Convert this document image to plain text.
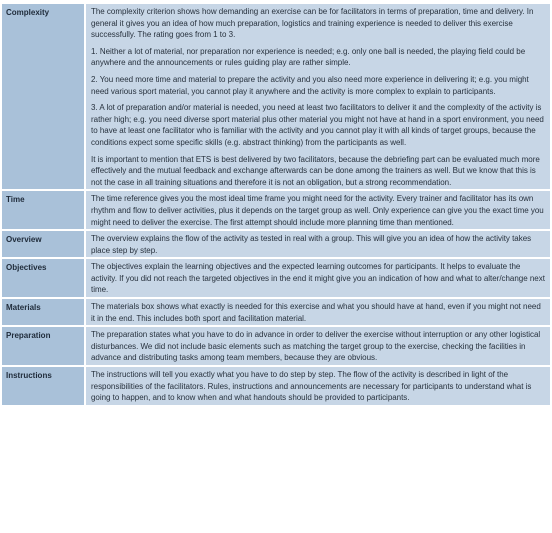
Complexity	The complexity criterion shows how demanding an exercise can be for facilitators in terms of preparation, time and delivery. In general it gives you an idea of how much preparation, logistics and training experience is needed to deliver this exercise successfully. The rating goes from 1 to 3.

1. Neither a lot of material, nor preparation nor experience is needed; e.g. only one ball is needed, the playing field could be anywhere and the announcements or rules guiding play are rather simple.

2. You need more time and material to prepare the activity and you also need more experience in delivering it; e.g. you might need various sport material, you cannot play it anywhere and the activity is more complex to explain to participants.

3. A lot of preparation and/or material is needed, you need at least two facilitators to deliver it and the complexity of the activity is rather high; e.g. you need diverse sport material plus other material you might not have at hand in a sport environment, you need to have at least one facilitator who is familiar with the activity and you cannot play it with all kinds of target groups, because the conditions expect some specific skills (e.g. abstract thinking) from the participants as well.

It is important to mention that ETS is best delivered by two facilitators, because the debriefing part can be evaluated much more effectively and the mutual feedback and exchange afterwards can be done among the trainers as well. But we know that this is not the case in all training situations and therefore it is not an obligation, but a strong recommendation.

Time	The time reference gives you the most ideal time frame you might need for the activity. Every trainer and facilitator has its own rhythm and flow to deliver activities, plus it depends on the target group as well. Only experience can give you the exact time you might need to deliver the exercise. The first attempt should include more planning time than mentioned.

Overview	The overview explains the flow of the activity as tested in real with a group. This will give you an idea of how the activity takes place step by step.

Objectives	The objectives explain the learning objectives and the expected learning outcomes for participants. It helps to evaluate the activity. If you did not reach the targeted objectives in the end it might give you an indication of how and what to alter/change next time.

Materials	The materials box shows what exactly is needed for this exercise and what you should have at hand, even if you might not need it in the end. This includes both sport and facilitation material.

Preparation	The preparation states what you have to do in advance in order to deliver the exercise without interruption or any other logistical disturbances. We did not include basic elements such as matching the target group to the exercise, checking the facilities in advance and distributing tasks among team members, because they are obvious.

Instructions	The instructions will tell you exactly what you have to do step by step. The flow of the activity is described in light of the responsibilities of the facilitators. Rules, instructions and announcements are necessary for participants to understand what is going to happen, and to know when and what handouts should be provided to participants.
